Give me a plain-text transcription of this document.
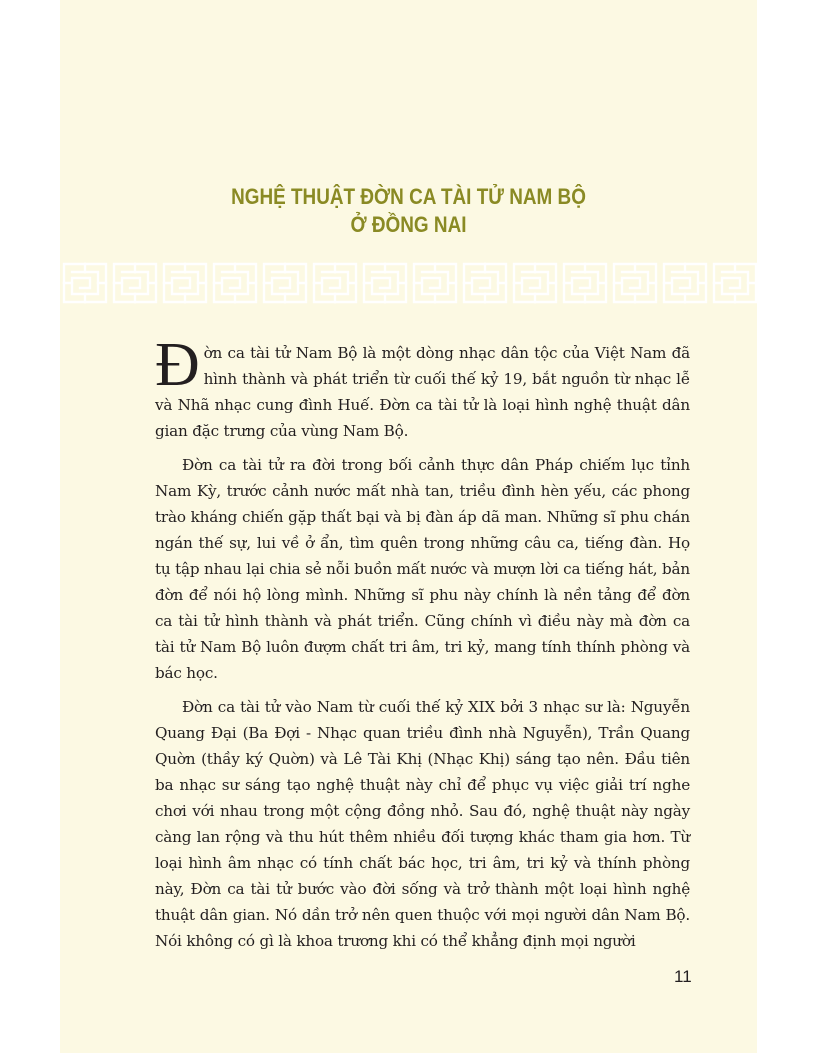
NGHỆ THUẬT ĐỜN CA TÀI TỬ NAM BỘ
Ở ĐỒNG NAI

Đờn ca tài tử Nam Bộ là một dòng nhạc dân tộc của Việt Nam đã hình thành và phát triển từ cuối thế kỷ 19, bắt nguồn từ nhạc lễ và Nhã nhạc cung đình Huế. Đờn ca tài tử là loại hình nghệ thuật dân gian đặc trưng của vùng Nam Bộ.

Đờn ca tài tử ra đời trong bối cảnh thực dân Pháp chiếm lục tỉnh Nam Kỳ, trước cảnh nước mất nhà tan, triều đình hèn yếu, các phong trào kháng chiến gặp thất bại và bị đàn áp dã man. Những sĩ phu chán ngán thế sự, lui về ở ẩn, tìm quên trong những câu ca, tiếng đàn. Họ tụ tập nhau lại chia sẻ nỗi buồn mất nước và mượn lời ca tiếng hát, bản đờn để nói hộ lòng mình. Những sĩ phu này chính là nền tảng để đờn ca tài tử hình thành và phát triển. Cũng chính vì điều này mà đờn ca tài tử Nam Bộ luôn đượm chất tri âm, tri kỷ, mang tính thính phòng và bác học.

Đờn ca tài tử vào Nam từ cuối thế kỷ XIX bởi 3 nhạc sư là: Nguyễn Quang Đại (Ba Đợi - Nhạc quan triều đình nhà Nguyễn), Trần Quang Quờn (thầy ký Quờn) và Lê Tài Khị (Nhạc Khị) sáng tạo nên. Đầu tiên ba nhạc sư sáng tạo nghệ thuật này chỉ để phục vụ việc giải trí nghe chơi với nhau trong một cộng đồng nhỏ. Sau đó, nghệ thuật này ngày càng lan rộng và thu hút thêm nhiều đối tượng khác tham gia hơn. Từ loại hình âm nhạc có tính chất bác học, tri âm, tri kỷ và thính phòng này, Đờn ca tài tử bước vào đời sống và trở thành một loại hình nghệ thuật dân gian. Nó dần trở nên quen thuộc với mọi người dân Nam Bộ. Nói không có gì là khoa trương khi có thể khẳng định mọi người

11
